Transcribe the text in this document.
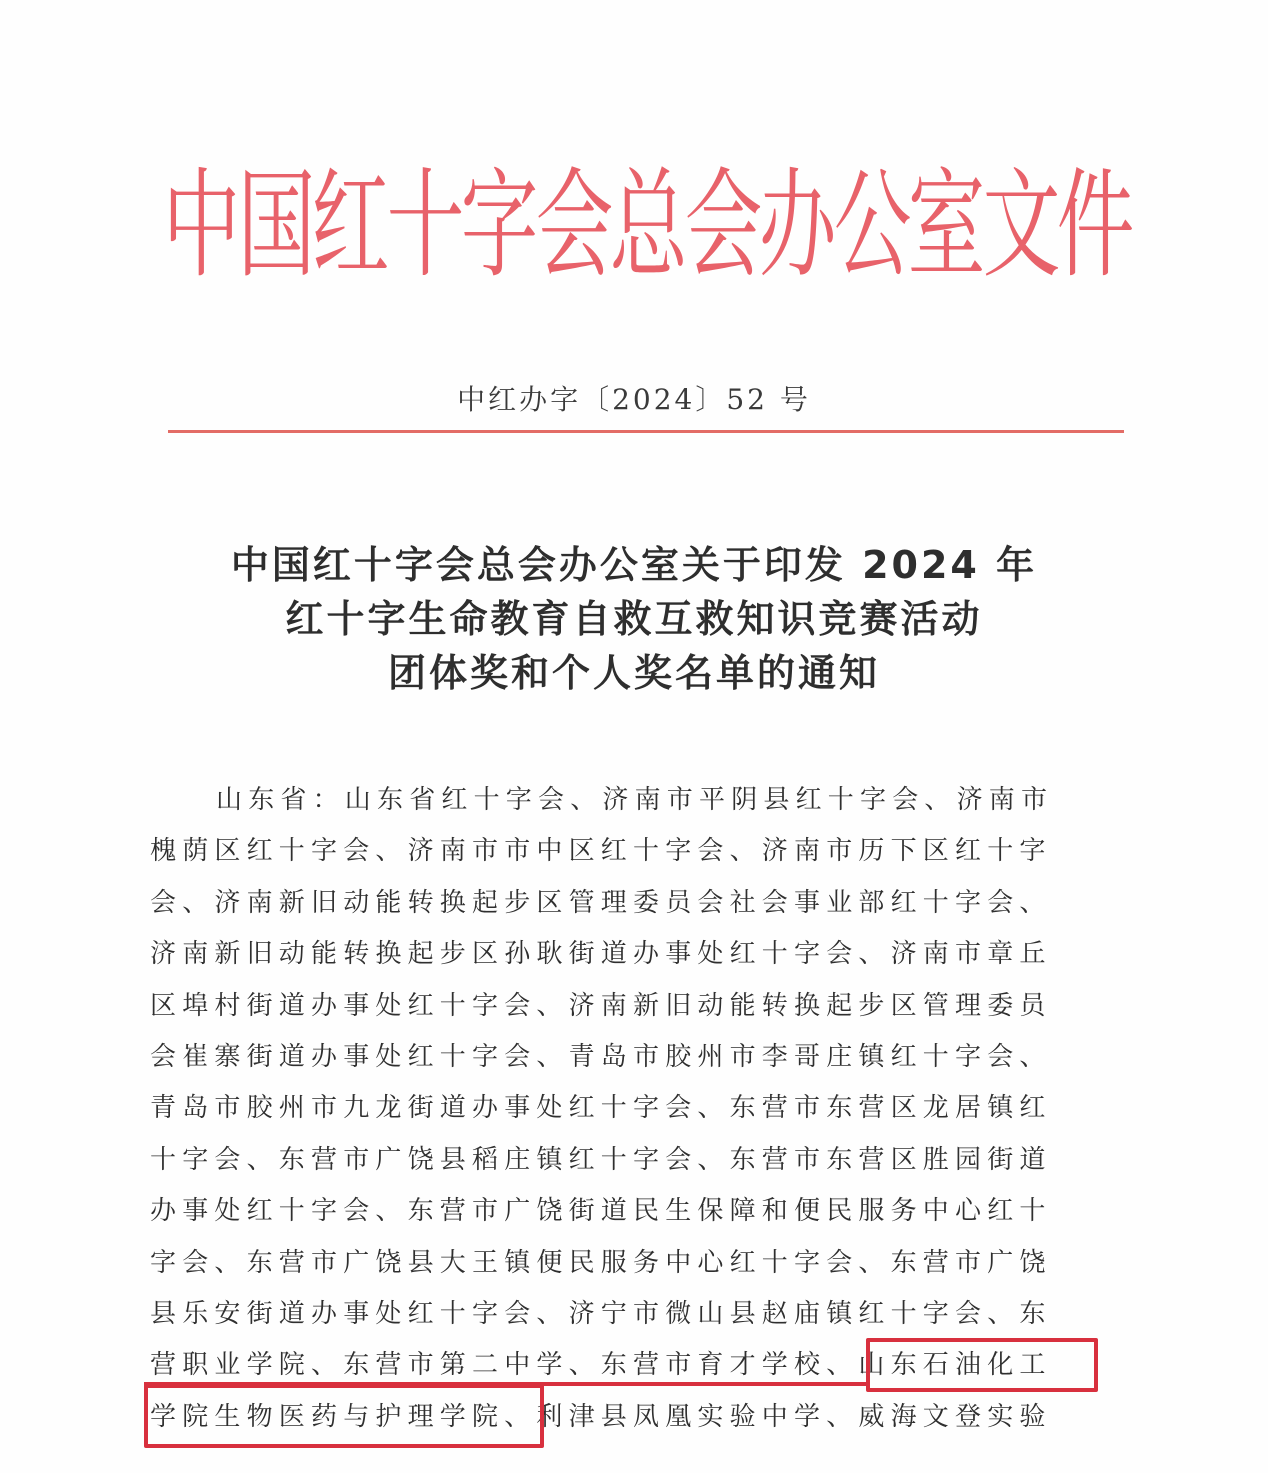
中
国
红
十
字
会
总
会
办
公
室
文
件
中红办字〔2024〕52 号
中国红十字会总会办公室关于印发 2024 年
红十字生命教育自救互救知识竞赛活动
团体奖和个人奖名单的通知
山东省：山东省红十字会、济南市平阴县红十字会、济南市
槐荫区红十字会、济南市市中区红十字会、济南市历下区红十字
会、济南新旧动能转换起步区管理委员会社会事业部红十字会、
济南新旧动能转换起步区孙耿街道办事处红十字会、济南市章丘
区埠村街道办事处红十字会、济南新旧动能转换起步区管理委员
会崔寨街道办事处红十字会、青岛市胶州市李哥庄镇红十字会、
青岛市胶州市九龙街道办事处红十字会、东营市东营区龙居镇红
十字会、东营市广饶县稻庄镇红十字会、东营市东营区胜园街道
办事处红十字会、东营市广饶街道民生保障和便民服务中心红十
字会、东营市广饶县大王镇便民服务中心红十字会、东营市广饶
县乐安街道办事处红十字会、济宁市微山县赵庙镇红十字会、东
营职业学院、东营市第二中学、东营市育才学校、山东石油化工
学院生物医药与护理学院、利津县凤凰实验中学、威海文登实验
